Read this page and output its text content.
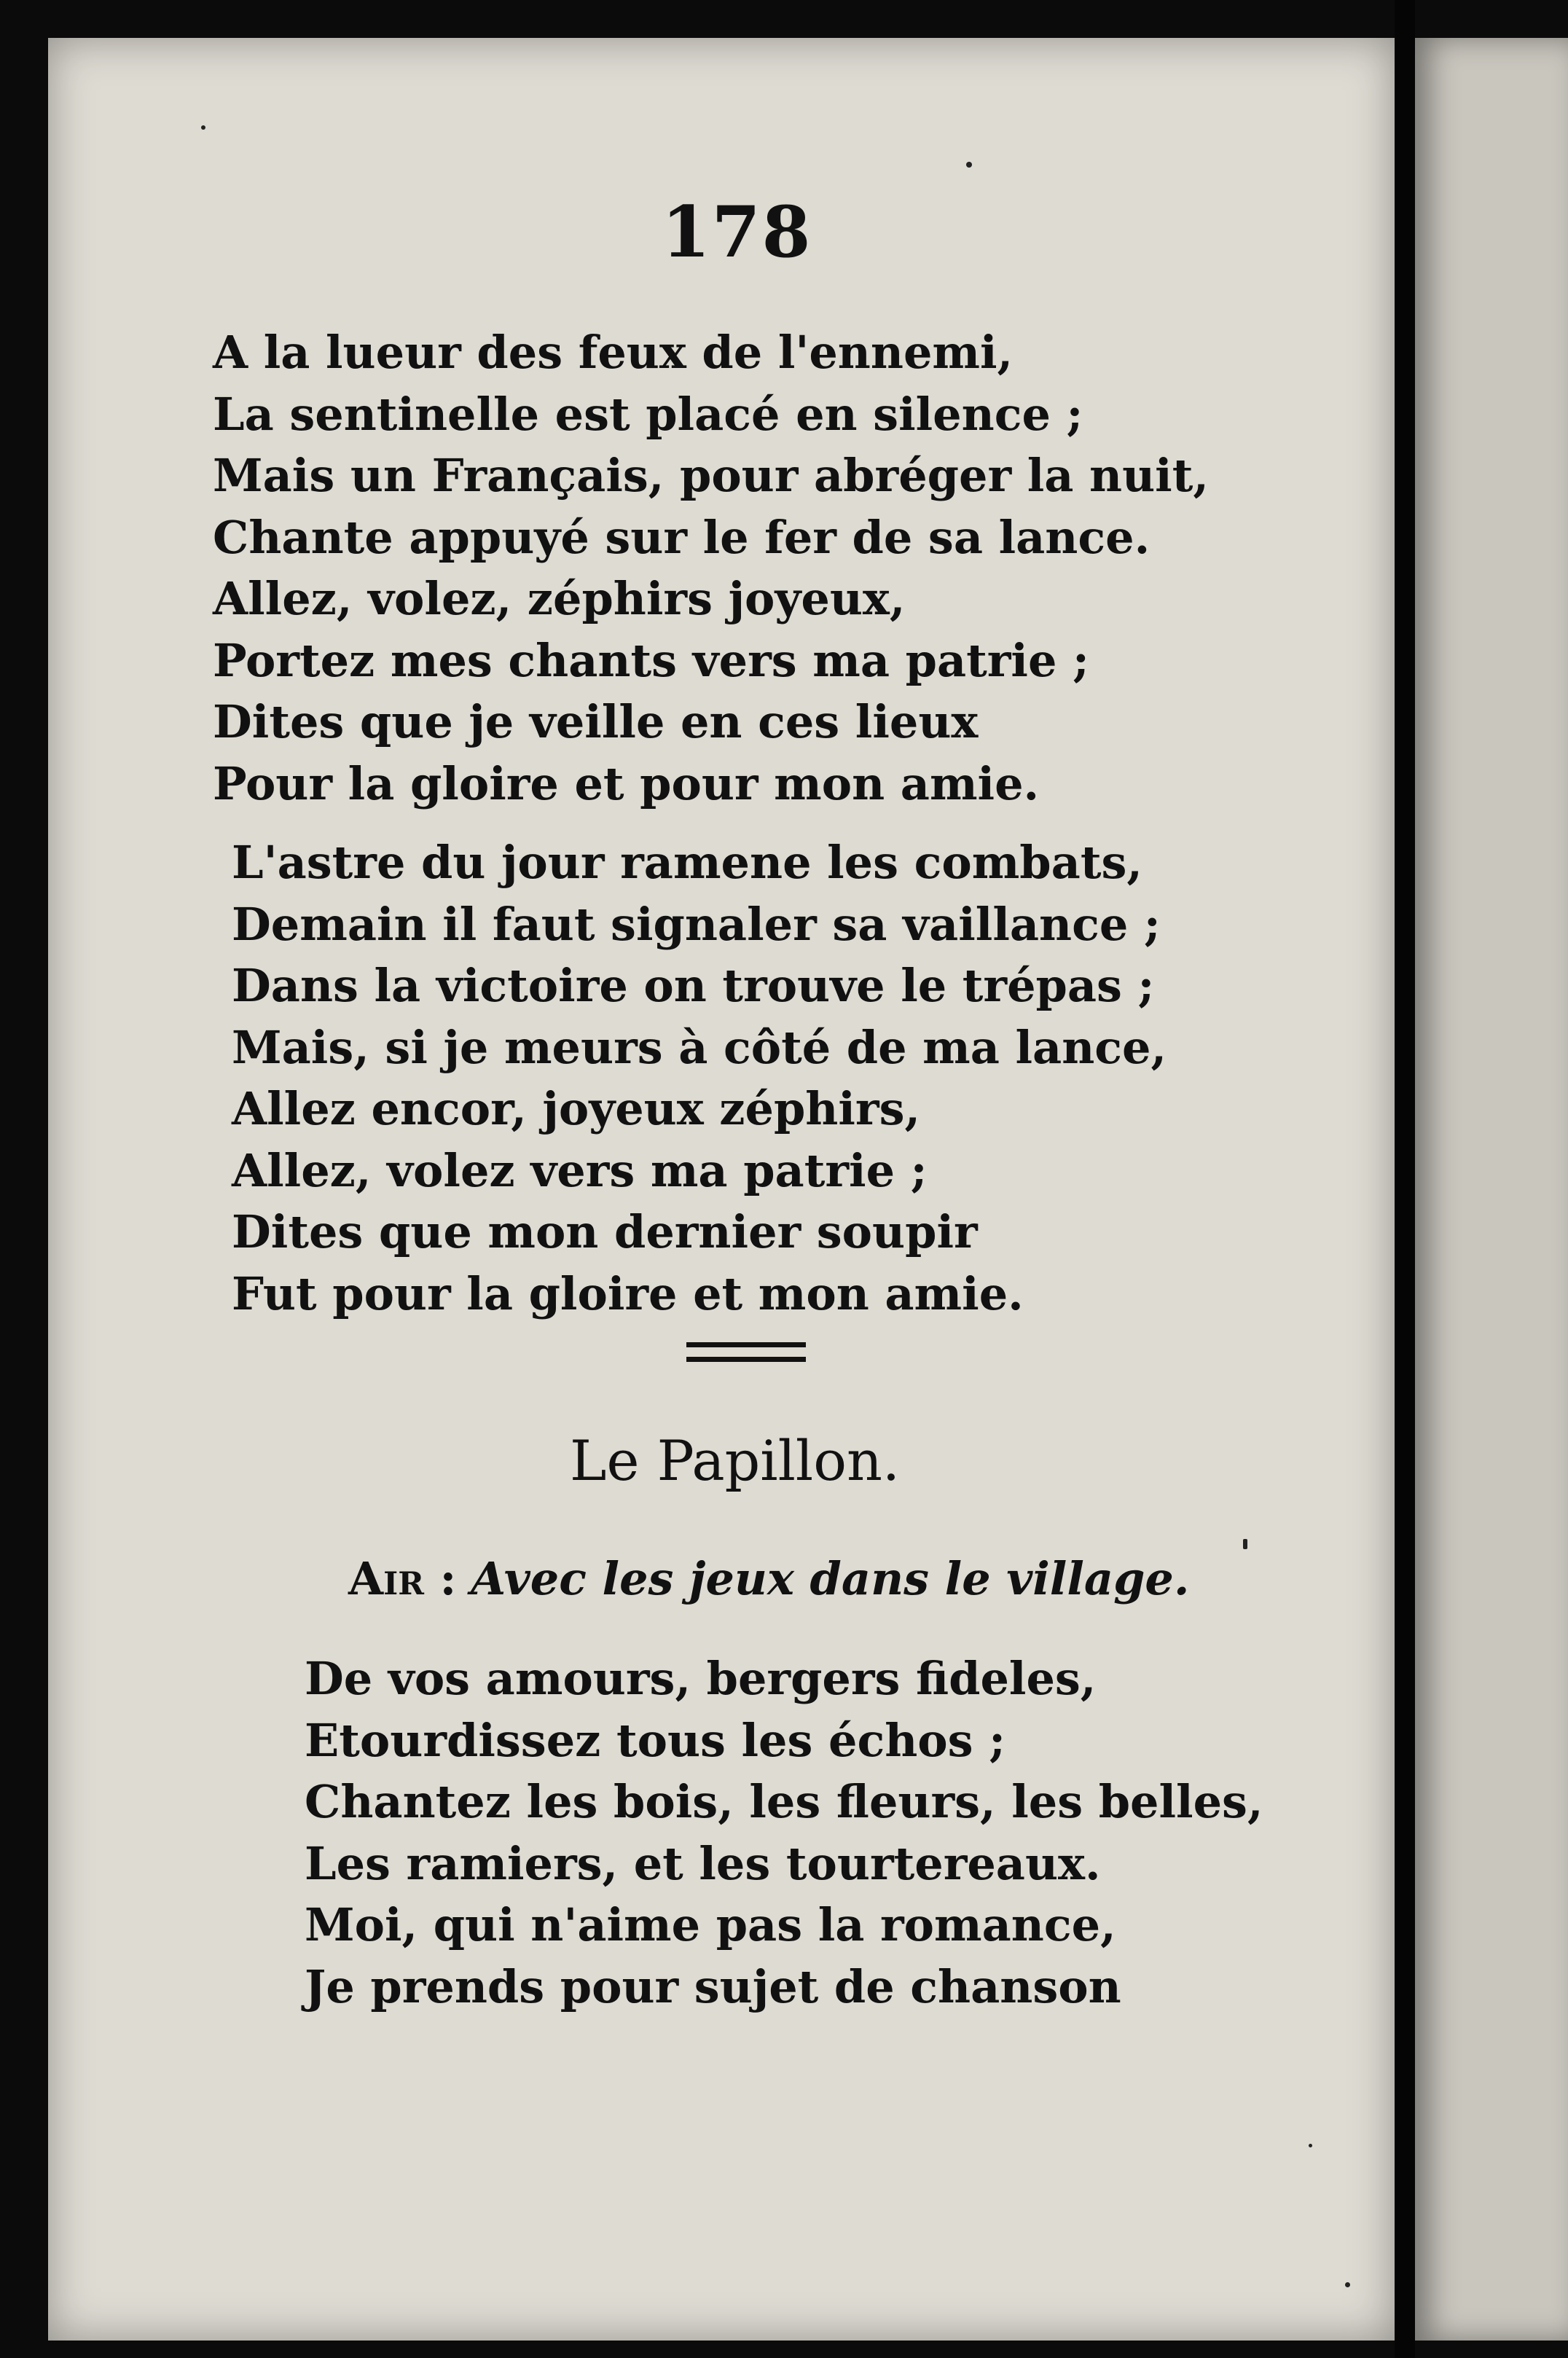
178
A la lueur des feux de l'ennemi,
La sentinelle est placé en silence ;
Mais un Français, pour abréger la nuit,
Chante appuyé sur le fer de sa lance.
Allez, volez, zéphirs joyeux,
Portez mes chants vers ma patrie ;
Dites que je veille en ces lieux
Pour la gloire et pour mon amie.
L'astre du jour ramene les combats,
Demain il faut signaler sa vaillance ;
Dans la victoire on trouve le trépas ;
Mais, si je meurs à côté de ma lance,
Allez encor, joyeux zéphirs,
Allez, volez vers ma patrie ;
Dites que mon dernier soupir
Fut pour la gloire et mon amie.
Le Papillon.
Air : Avec les jeux dans le village.
De vos amours, bergers fideles,
Etourdissez tous les échos ;
Chantez les bois, les fleurs, les belles,
Les ramiers, et les tourtereaux.
Moi, qui n'aime pas la romance,
Je prends pour sujet de chanson
